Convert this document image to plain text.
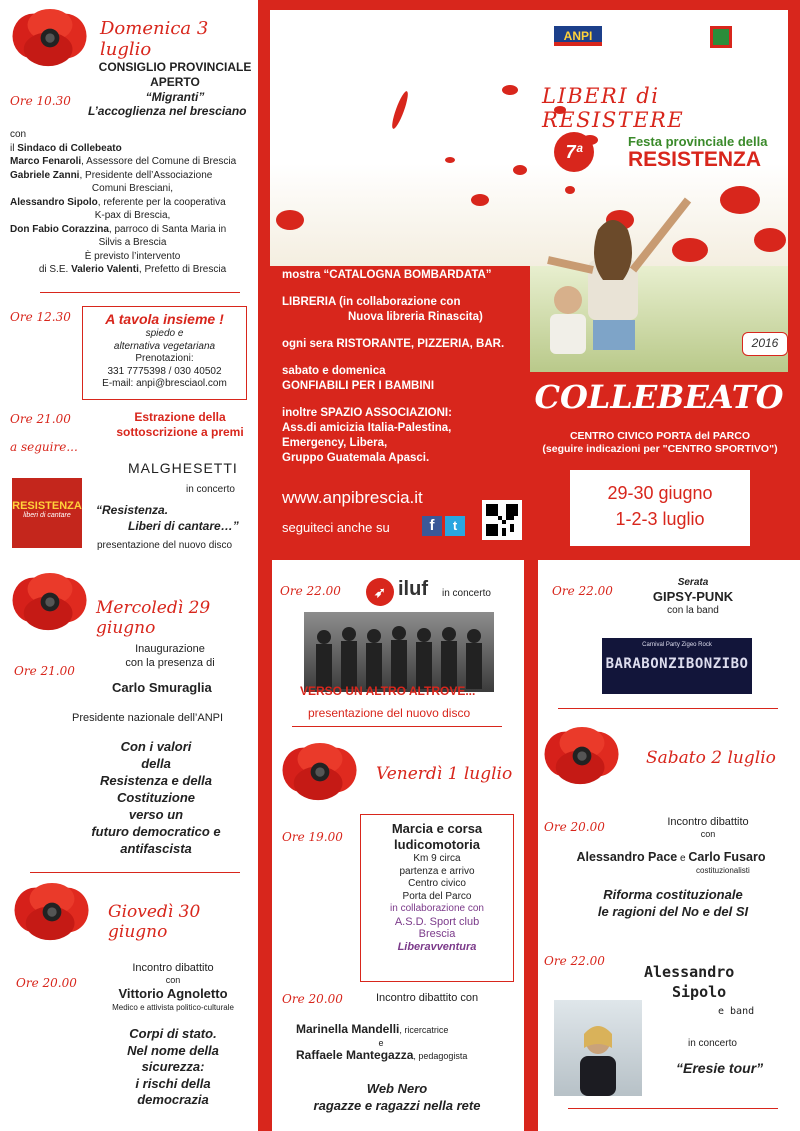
Domenica 3 luglio
CONSIGLIO PROVINCIALE
APERTO
“Migranti”
Ore 10.30
L’accoglienza nel bresciano
con
il Sindaco di Collebeato
Marco Fenaroli, Assessore del Comune di Brescia
Gabriele Zanni, Presidente dell’Associazione
Comuni Bresciani,
Alessandro Sipolo, referente per la cooperativa
K-pax di Brescia,
Don Fabio Corazzina, parroco di Santa Maria in
Silvis a Brescia
È previsto l’intervento
di S.E. Valerio Valenti, Prefetto di Brescia
Ore 12.30	A tavola insieme !
spiedo e
alternativa vegetariana
Prenotazioni:
331 7775398 / 030 40502
E-mail: anpi@bresciaol.com
Ore 21.00	Estrazione della
sottoscrizione a premi
a seguire...
MALGHESETTI
in concerto
RESISTENZA
liberi di cantare	“Resistenza.
Liberi di cantare…”
presentazione del nuovo disco
ANPI
LIBERI di RESISTERE
7ª
Festa provinciale della
RESISTENZA
2016
mostra “CATALOGNA BOMBARDATA”
LIBRERIA (in collaborazione con
Nuova libreria Rinascita)
ogni sera RISTORANTE, PIZZERIA, BAR.
sabato e domenica
GONFIABILI PER I BAMBINI
inoltre SPAZIO ASSOCIAZIONI:
Ass.di amicizia Italia-Palestina,
Emergency, Libera,
Gruppo Guatemala Apasci.
www.anpibrescia.it
seguiteci anche su	f	t
COLLEBEATO
CENTRO CIVICO PORTA del PARCO
(seguire indicazioni per "CENTRO SPORTIVO")
29-30 giugno
1-2-3 luglio
Mercoledì 29 giugno
Ore 21.00
Inaugurazione
con la presenza di
Carlo Smuraglia
Presidente nazionale dell’ANPI
Con i valori
della
Resistenza e della
Costituzione
verso un
futuro democratico e
antifascista
Giovedì 30 giugno
Ore 20.00
Incontro dibattito
con
Vittorio Agnoletto
Medico e attivista politico-culturale
Corpi di stato.
Nel nome della
sicurezza:
i rischi della
democrazia
Ore 22.00	➶ iluf in concerto
VERSO UN ALTRO ALTROVE...
presentazione del nuovo disco
Venerdì 1 luglio
Ore 19.00
Marcia e corsa
ludicomotoria
Km 9 circa
partenza e arrivo
Centro civico
Porta del Parco
in collaborazione con
A.S.D. Sport club
Brescia
Liberavventura
Ore 20.00	Incontro dibattito con
Marinella Mandelli, ricercatrice
e
Raffaele Mantegazza, pedagogista
Web Nero
ragazze e ragazzi nella rete
Ore 22.00
Serata
GIPSY-PUNK
con la band
Carnival Party Zigeo Rock
BARABONZIBONZIBO
Sabato 2 luglio
Ore 20.00	Incontro dibattito
con
Alessandro Pace e Carlo Fusaro
costituzionalisti
Riforma costituzionale
le ragioni del No e del SI
Ore 22.00
Alessandro
Sipolo
e band
in concerto
“Eresie tour”
